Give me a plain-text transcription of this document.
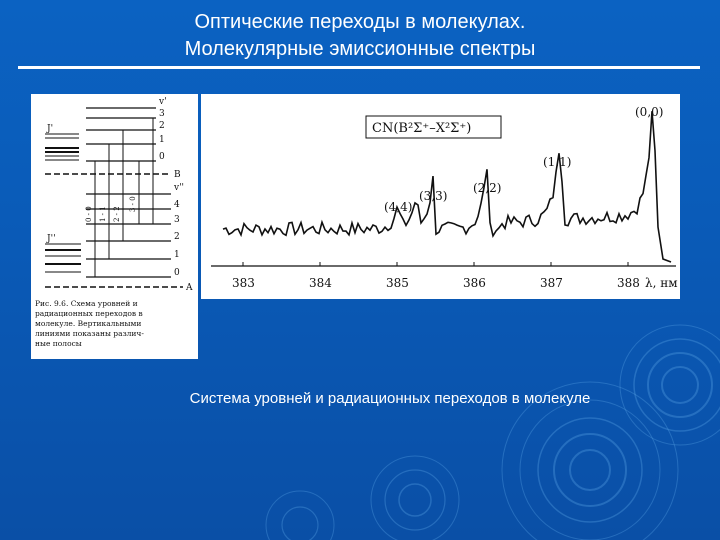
Оптические переходы в молекулах.
Молекулярные эмиссионные спектры
v'
3
2
1
0
B
v''
4
3
2
1
0
A
J'
J''
0 - 0 1 - 1 2 - 2
3 - 0
Рис. 9.6. Схема уровней и
радиационных переходов в
молекуле. Вертикальными
линиями показаны различ-
ные полосы
CN(B²Σ⁺–X²Σ⁺)
383	384	385	386	387	388 λ, нм
(0,0)
(1,1)
(2,2)
(3,3)
(4,4)
Система уровней и радиационных переходов в молекуле
